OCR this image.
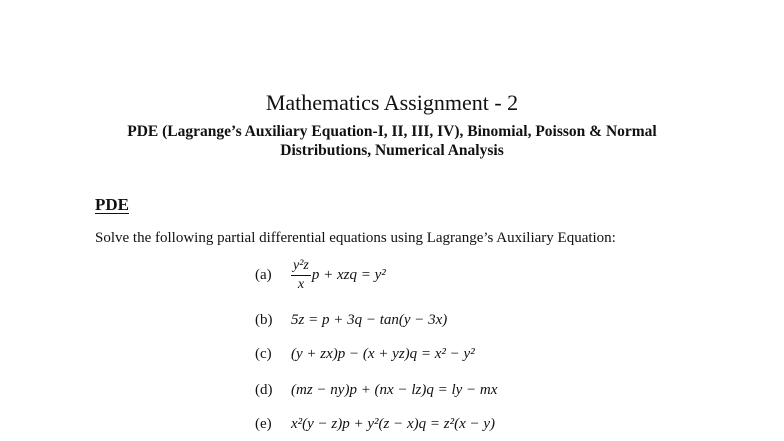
Mathematics Assignment - 2
PDE (Lagrange’s Auxiliary Equation-I, II, III, IV), Binomial, Poisson & Normal Distributions, Numerical Analysis
PDE
Solve the following partial differential equations using Lagrange’s Auxiliary Equation:
(a)	$\frac{\text{y²z}}{x}$ p + xzq = y²
(b)	5z = p + 3q − tan(y − 3x)
(c)	(y + zx)p − (x + yz)q = x² − y²
(d)	(mz − ny)p + (nx − lz)q = ly − mx
(e)	x²(y − z)p + y²(z − x)q = z²(x − y)
